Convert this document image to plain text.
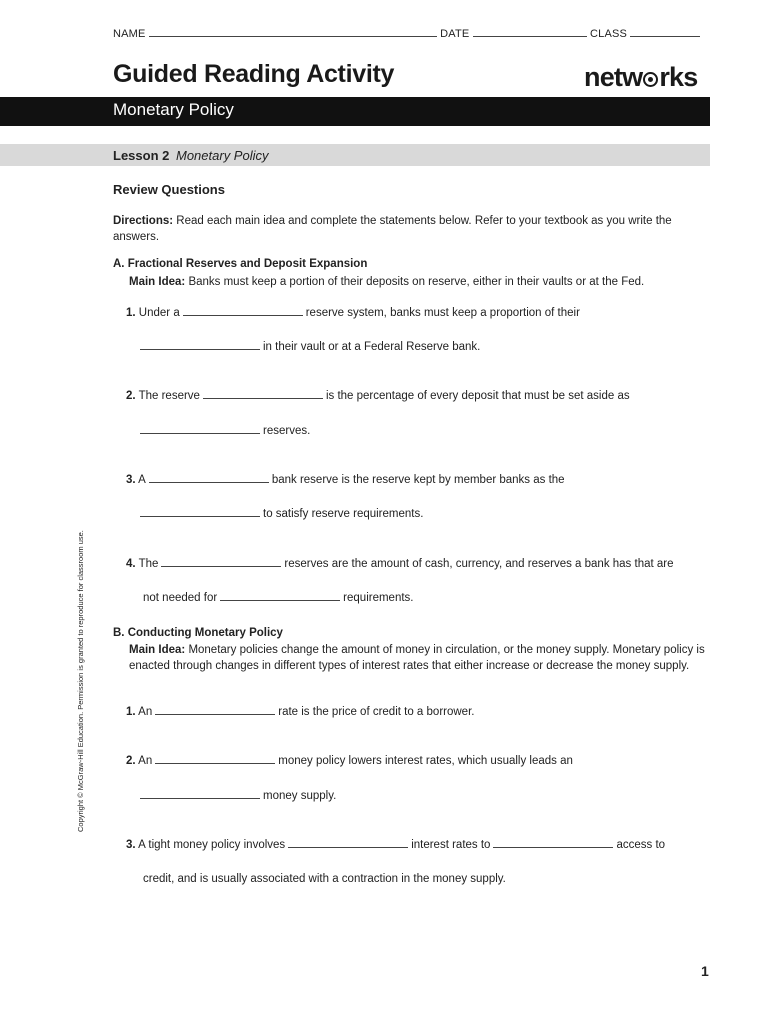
NAME	DATE	CLASS
Guided Reading Activity	netw rks
Monetary Policy
Lesson 2 Monetary Policy
Review Questions
Directions: Read each main idea and complete the statements below. Refer to your textbook as you write the answers.
A. Fractional Reserves and Deposit Expansion
Main Idea: Banks must keep a portion of their deposits on reserve, either in their vaults or at the Fed.
1. Under a	reserve system, banks must keep a proportion of their
in their vault or at a Federal Reserve bank.
2. The reserve	is the percentage of every deposit that must be set aside as
reserves.
3. A	bank reserve is the reserve kept by member banks as the
to satisfy reserve requirements.
4. The	reserves are the amount of cash, currency, and reserves a bank has that are
not needed for	requirements.
B. Conducting Monetary Policy
Main Idea: Monetary policies change the amount of money in circulation, or the money supply. Monetary policy is enacted through changes in different types of interest rates that either increase or decrease the money supply.
1. An	rate is the price of credit to a borrower.
2. An	money policy lowers interest rates, which usually leads an
money supply.
3. A tight money policy involves	interest rates to	access to
credit, and is usually associated with a contraction in the money supply.
Copyright © McGraw-Hill Education. Permission is granted to reproduce for classroom use.
1
